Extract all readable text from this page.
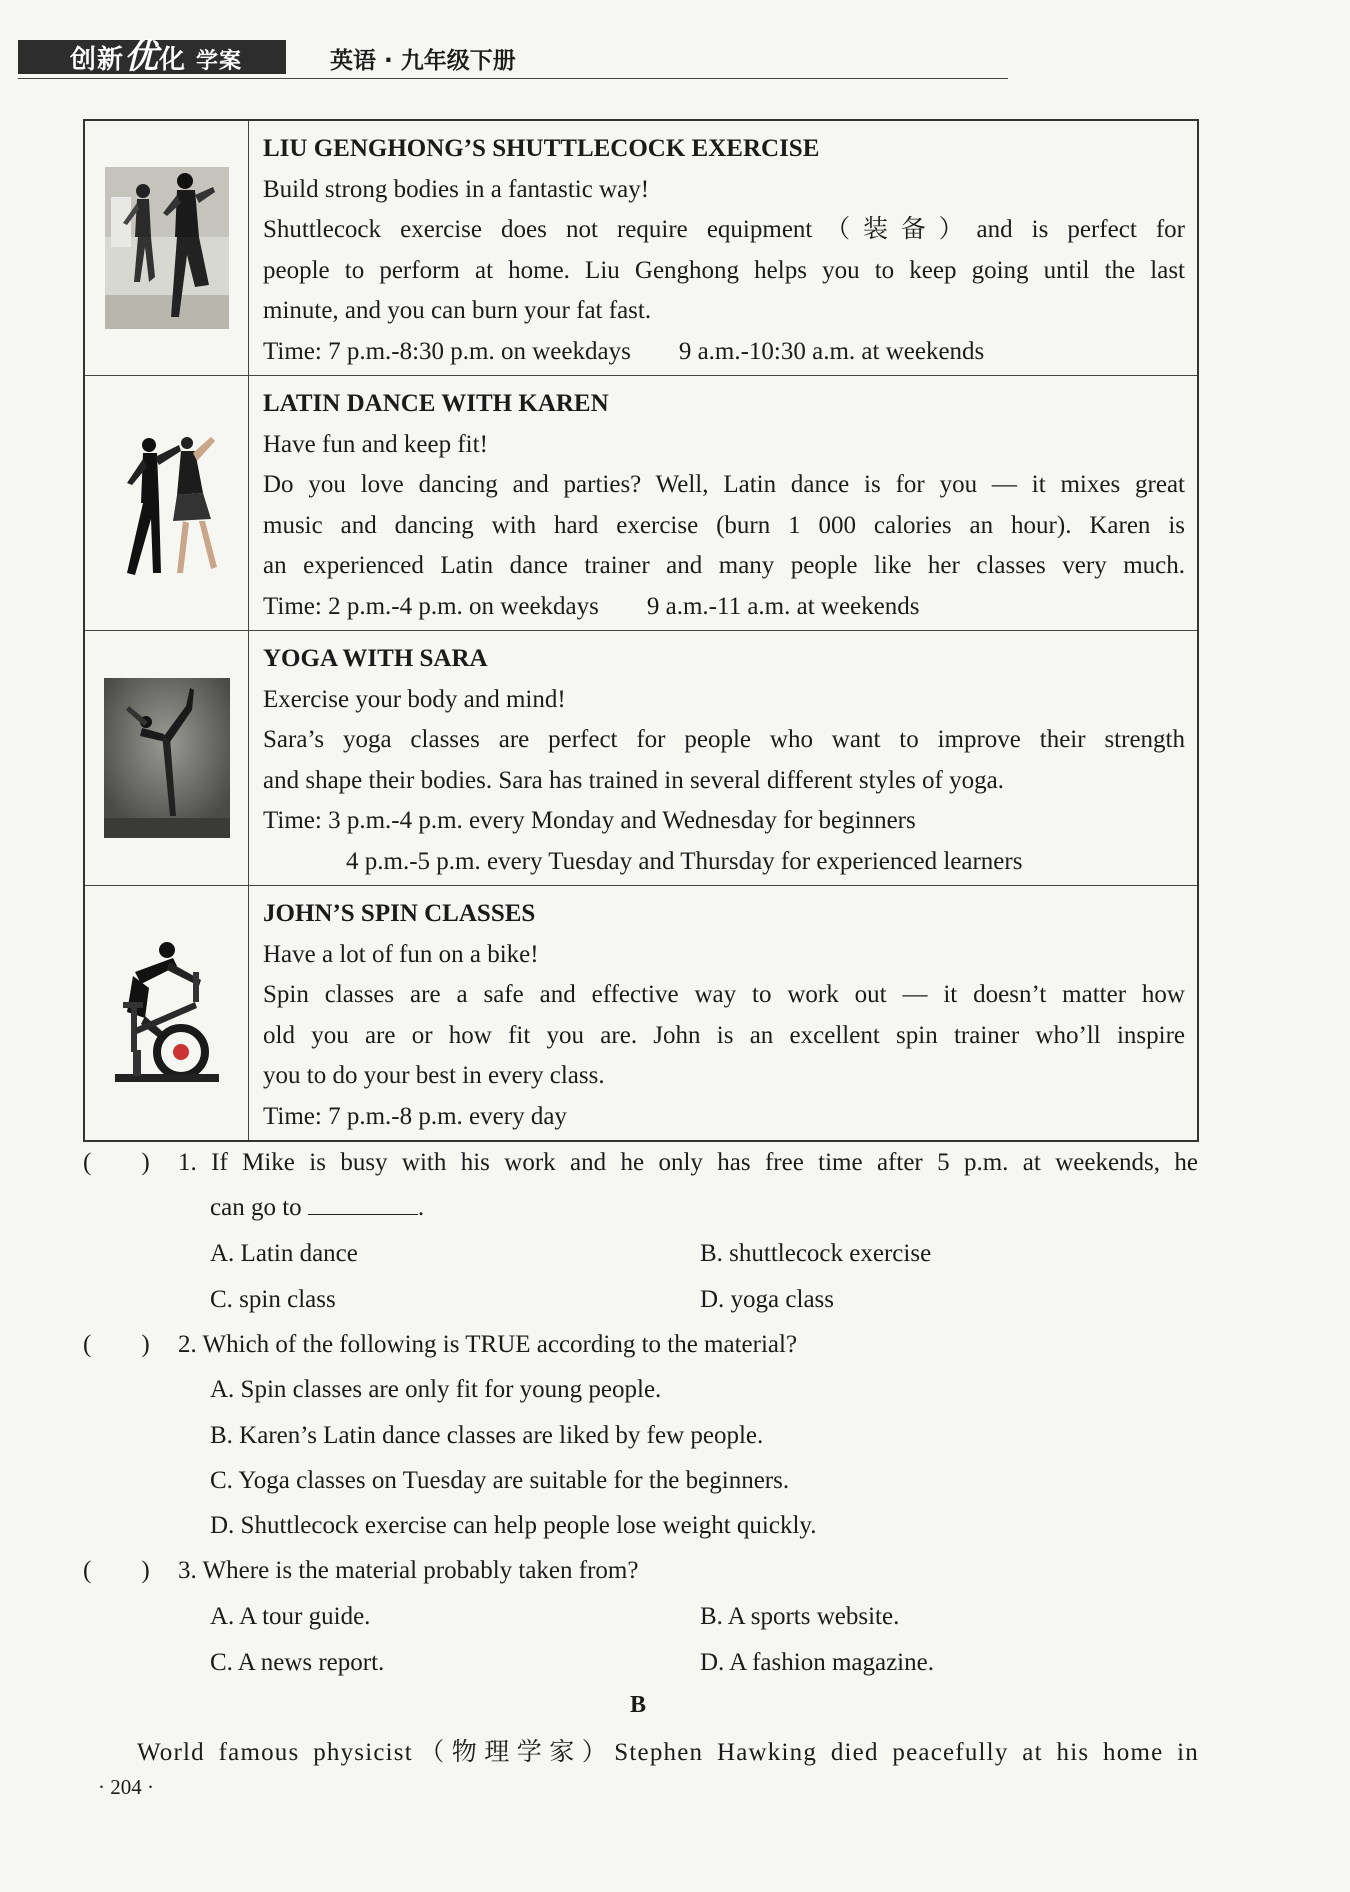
创新优化 学案	英语 · 九年级下册
LIU GENGHONG’S SHUTTLECOCK EXERCISE
Build strong bodies in a fantastic way!
Shuttlecock exercise does not require equipment（装备）and is perfect for
people to perform at home. Liu Genghong helps you to keep going until the last
minute, and you can burn your fat fast.
Time: 7 p.m.-8:30 p.m. on weekdays 9 a.m.-10:30 a.m. at weekends
LATIN DANCE WITH KAREN
Have fun and keep fit!
Do you love dancing and parties? Well, Latin dance is for you — it mixes great
music and dancing with hard exercise (burn 1 000 calories an hour). Karen is
an experienced Latin dance trainer and many people like her classes very much.
Time: 2 p.m.-4 p.m. on weekdays 9 a.m.-11 a.m. at weekends
YOGA WITH SARA
Exercise your body and mind!
Sara’s yoga classes are perfect for people who want to improve their strength
and shape their bodies. Sara has trained in several different styles of yoga.
Time: 3 p.m.-4 p.m. every Monday and Wednesday for beginners
4 p.m.-5 p.m. every Tuesday and Thursday for experienced learners
JOHN’S SPIN CLASSES
Have a lot of fun on a bike!
Spin classes are a safe and effective way to work out — it doesn’t matter how
old you are or how fit you are. John is an excellent spin trainer who’ll inspire
you to do your best in every class.
Time: 7 p.m.-8 p.m. every day
(　　) 1. If Mike is busy with his work and he only has free time after 5 p.m. at weekends, he
can go to	.
A. Latin dance	B. shuttlecock exercise
C. spin class	D. yoga class
(　　) 2. Which of the following is TRUE according to the material?
A. Spin classes are only fit for young people.
B. Karen’s Latin dance classes are liked by few people.
C. Yoga classes on Tuesday are suitable for the beginners.
D. Shuttlecock exercise can help people lose weight quickly.
(　　) 3. Where is the material probably taken from?
A. A tour guide.	B. A sports website.
C. A news report.	D. A fashion magazine.
B
World famous physicist（物理学家）Stephen Hawking died peacefully at his home in
· 204 ·
